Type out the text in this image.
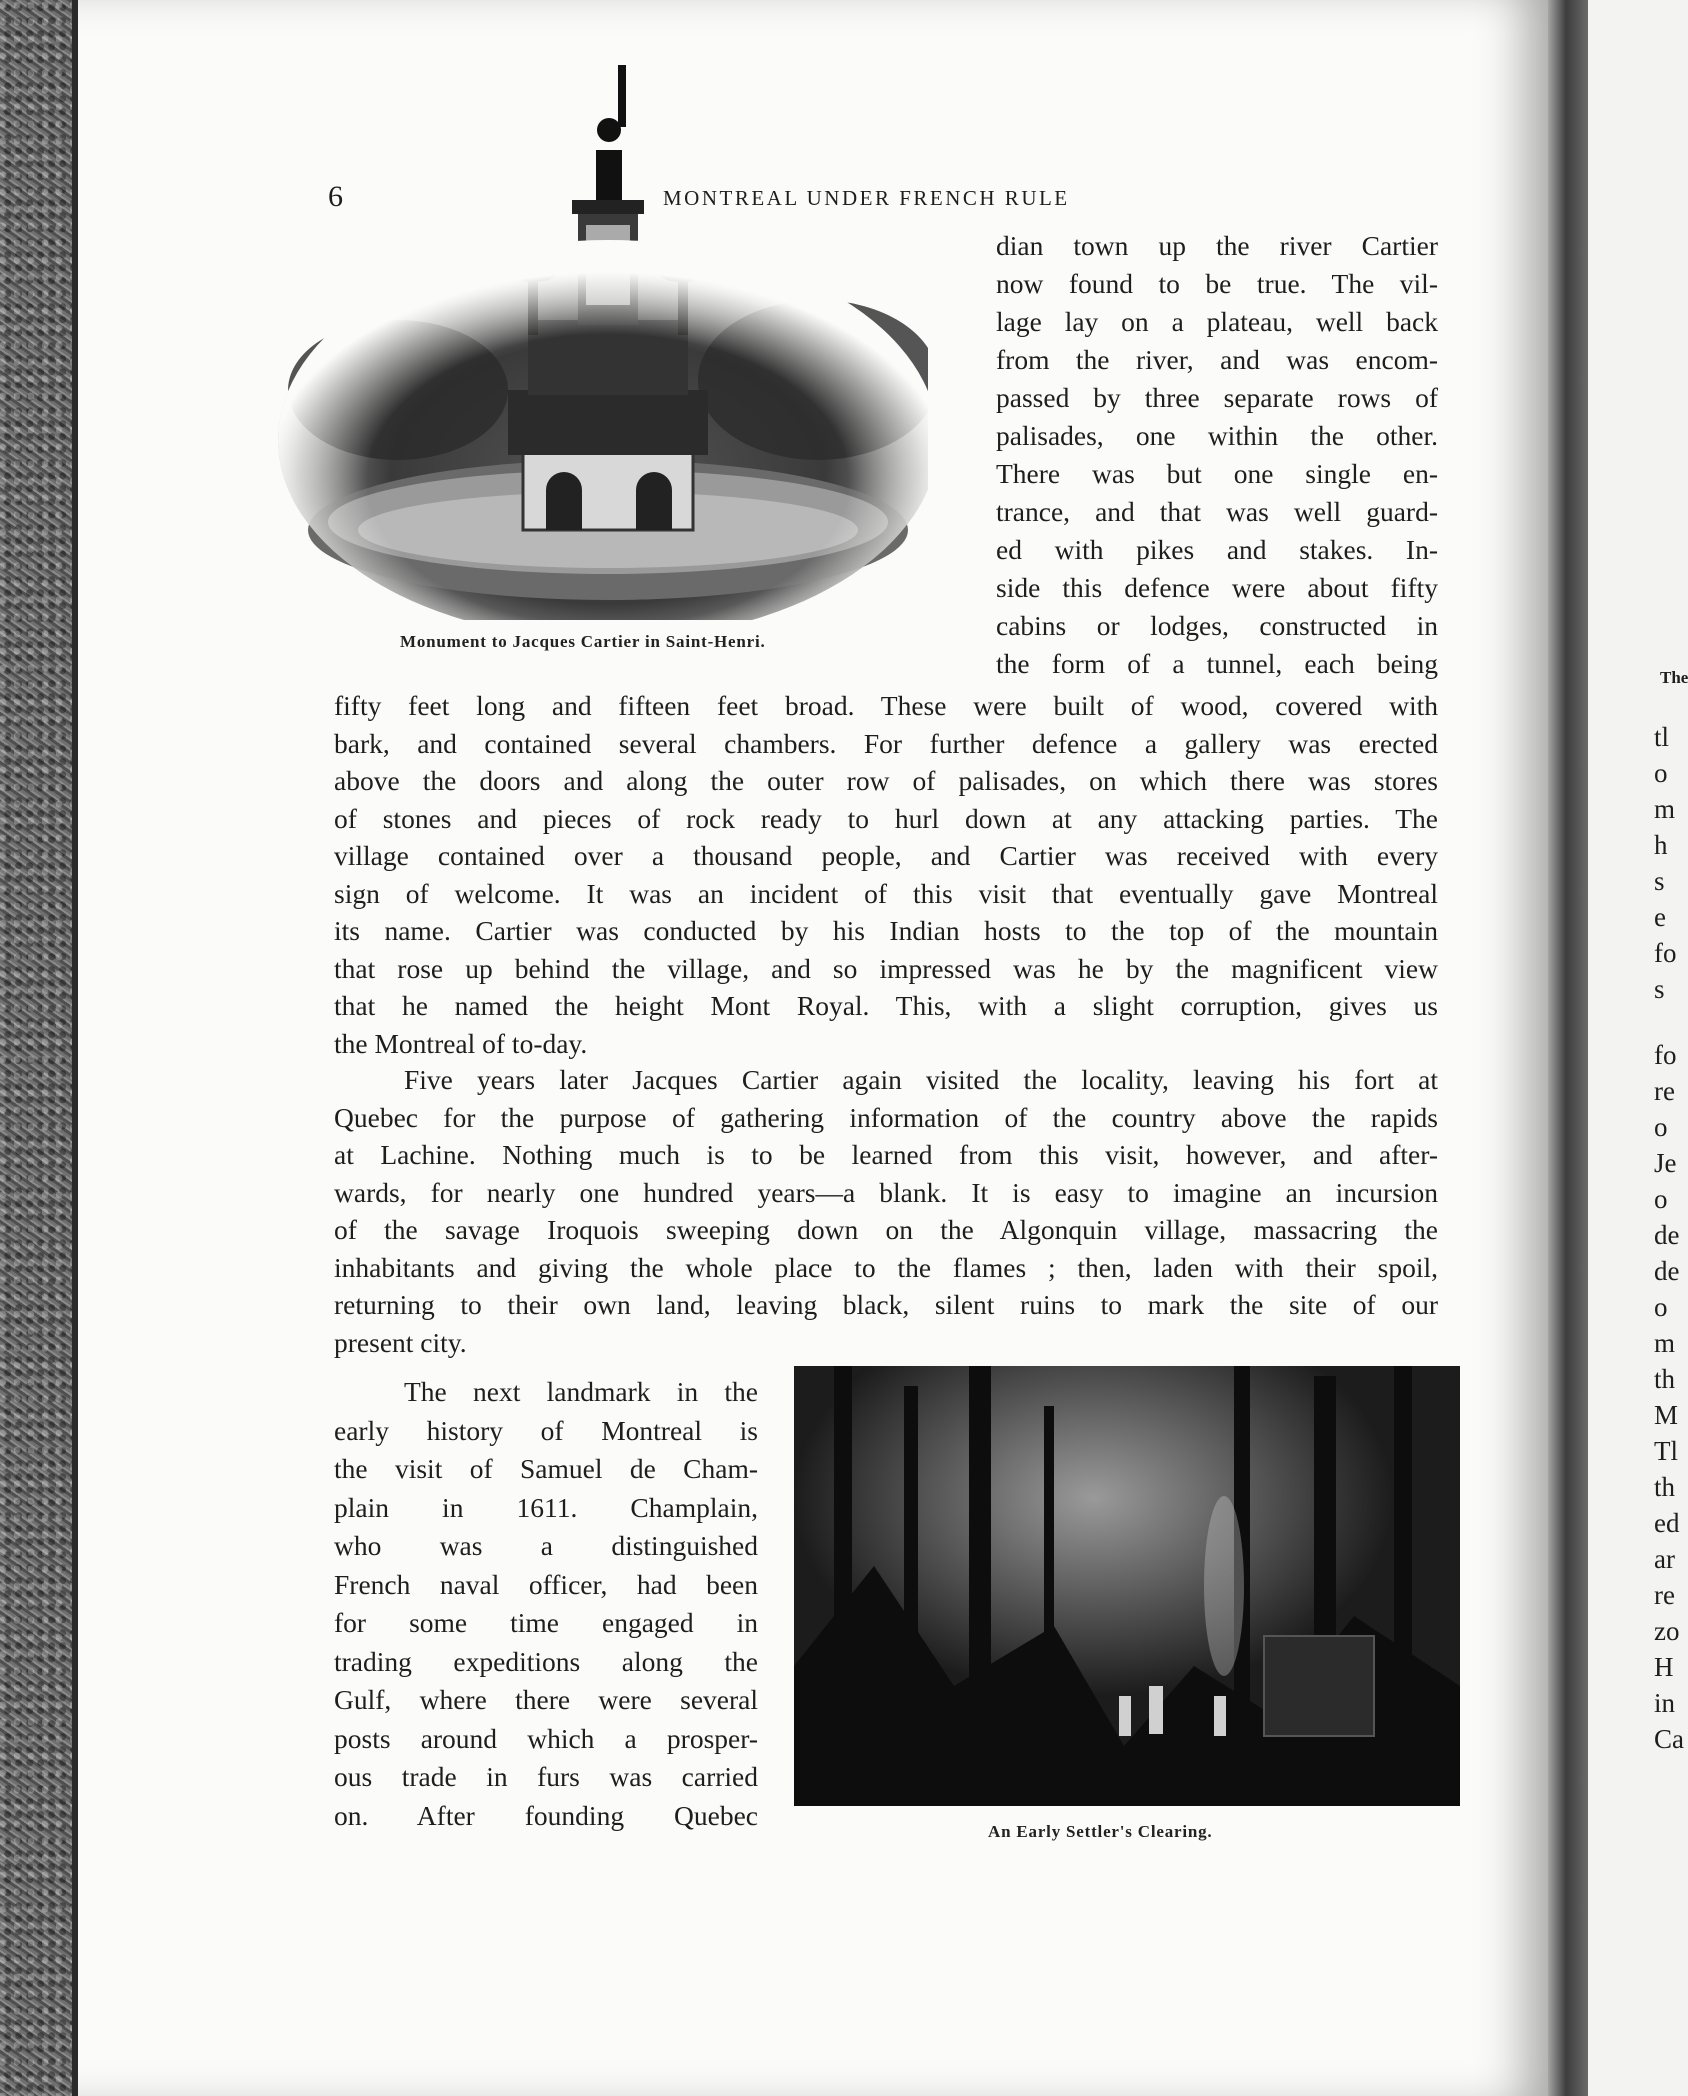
6	MONTREAL UNDER FRENCH RULE
Monument to Jacques Cartier in Saint-Henri.
An Early Settler's Clearing.
dian town up the river Cartier
now found to be true. The vil-
lage lay on a plateau, well back
from the river, and was encom-
passed by three separate rows of
palisades, one within the other.
There was but one single en-
trance, and that was well guard-
ed with pikes and stakes. In-
side this defence were about fifty
cabins or lodges, constructed in
the form of a tunnel, each being
fifty feet long and fifteen feet broad. These were built of wood, covered with
bark, and contained several chambers. For further defence a gallery was erected
above the doors and along the outer row of palisades, on which there was stores
of stones and pieces of rock ready to hurl down at any attacking parties. The
village contained over a thousand people, and Cartier was received with every
sign of welcome. It was an incident of this visit that eventually gave Montreal
its name. Cartier was conducted by his Indian hosts to the top of the mountain
that rose up behind the village, and so impressed was he by the magnificent view
that he named the height Mont Royal. This, with a slight corruption, gives us
the Montreal of to-day.
Five years later Jacques Cartier again visited the locality, leaving his fort at
Quebec for the purpose of gathering information of the country above the rapids
at Lachine. Nothing much is to be learned from this visit, however, and after-
wards, for nearly one hundred years—a blank. It is easy to imagine an incursion
of the savage Iroquois sweeping down on the Algonquin village, massacring the
inhabitants and giving the whole place to the flames ; then, laden with their spoil,
returning to their own land, leaving black, silent ruins to mark the site of our
present city.
The next landmark in the
early history of Montreal is
the visit of Samuel de Cham-
plain in 1611. Champlain,
who was a distinguished
French naval officer, had been
for some time engaged in
trading expeditions along the
Gulf, where there were several
posts around which a prosper-
ous trade in furs was carried
on. After founding Quebec
The
tl
o
m
h
s
e
fo
s
fo
re
o
Je
o
de
de
o
m
th
M
Tl
th
ed
ar
re
zo
H
in
Ca
